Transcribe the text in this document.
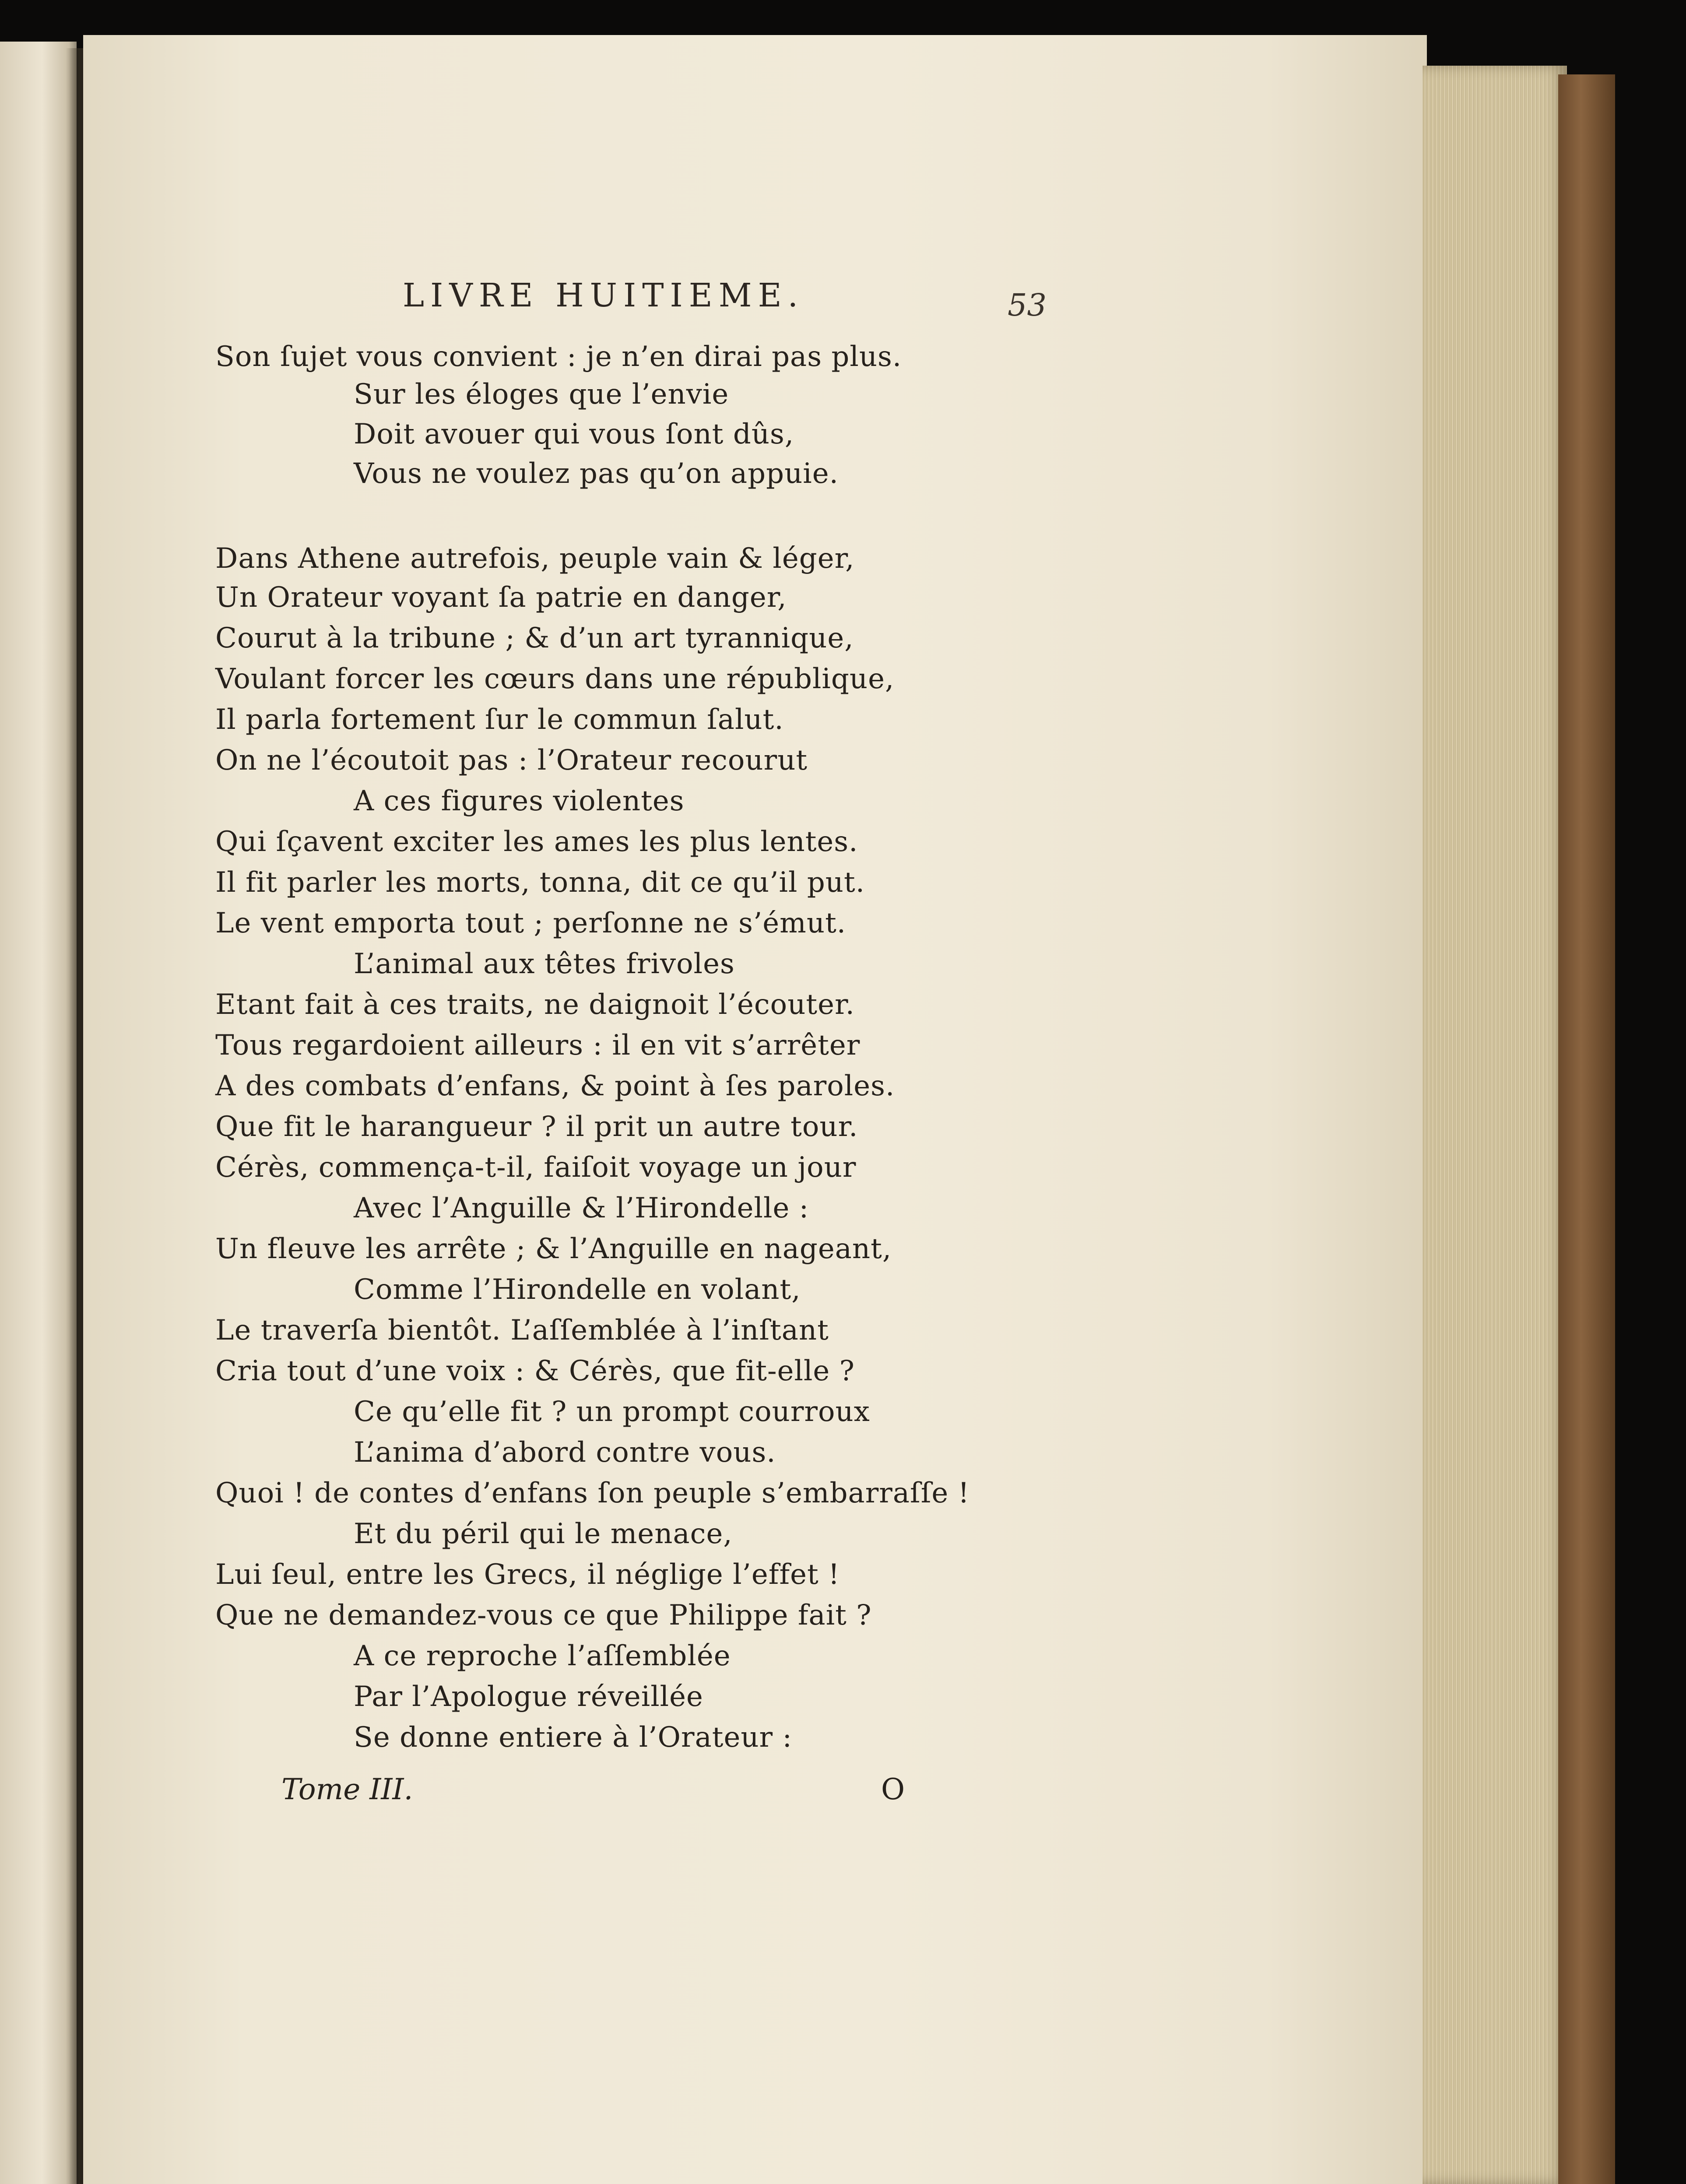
LIVRE HUITIEME.	53
Son ſujet vous convient : je n’en dirai pas plus.
Sur les éloges que l’envie
Doit avouer qui vous ſont dûs,
Vous ne voulez pas qu’on appuie.
Dans Athene autrefois, peuple vain & léger,
Un Orateur voyant ſa patrie en danger,
Courut à la tribune ; & d’un art tyrannique,
Voulant forcer les cœurs dans une république,
Il parla fortement ſur le commun ſalut.
On ne l’écoutoit pas : l’Orateur recourut
A ces figures violentes
Qui ſçavent exciter les ames les plus lentes.
Il fit parler les morts, tonna, dit ce qu’il put.
Le vent emporta tout ; perſonne ne s’émut.
L’animal aux têtes frivoles
Etant fait à ces traits, ne daignoit l’écouter.
Tous regardoient ailleurs : il en vit s’arrêter
A des combats d’enfans, & point à ſes paroles.
Que fit le harangueur ? il prit un autre tour.
Cérès, commença-t-il, faiſoit voyage un jour
Avec l’Anguille & l’Hirondelle :
Un fleuve les arrête ; & l’Anguille en nageant,
Comme l’Hirondelle en volant,
Le traverſa bientôt. L’aſſemblée à l’inſtant
Cria tout d’une voix : & Cérès, que fit-elle ?
Ce qu’elle fit ? un prompt courroux
L’anima d’abord contre vous.
Quoi ! de contes d’enfans ſon peuple s’embarraſſe !
Et du péril qui le menace,
Lui ſeul, entre les Grecs, il néglige l’effet !
Que ne demandez-vous ce que Philippe fait ?
A ce reproche l’aſſemblée
Par l’Apologue réveillée
Se donne entiere à l’Orateur :
Tome III.	O
